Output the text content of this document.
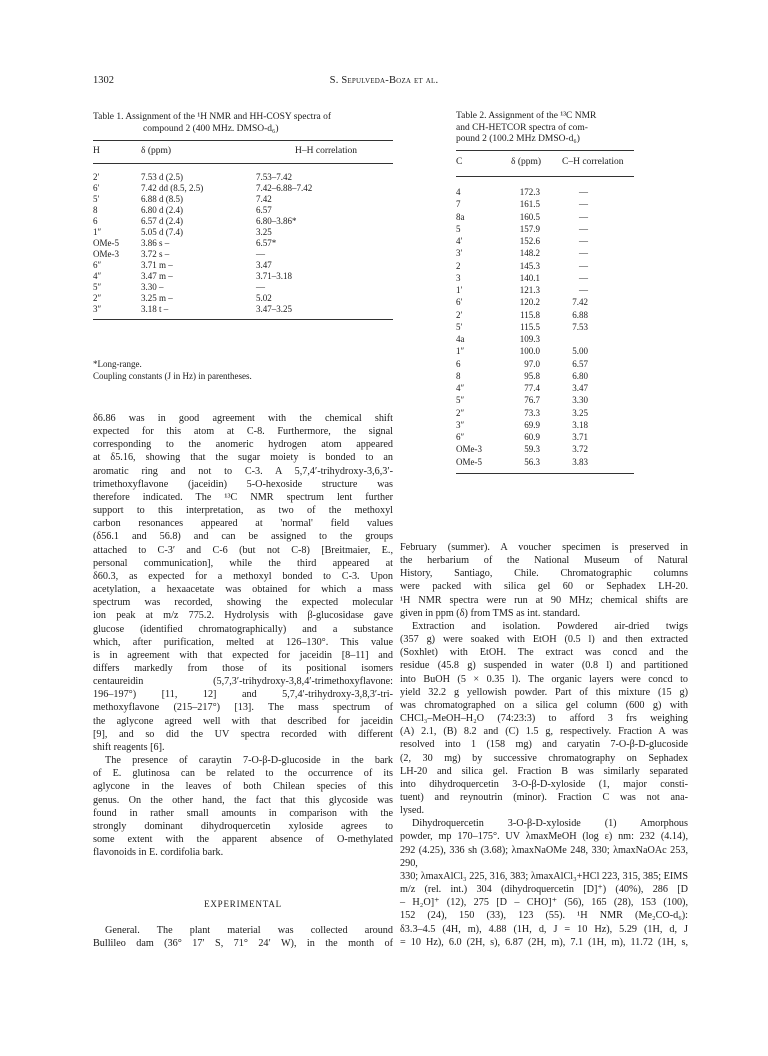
1302	S. Sepulveda-Boza et al.
Table 1. Assignment of the ¹H NMR and HH-COSY spectra of
compound 2 (400 MHz. DMSO-d₆)
H	δ (ppm)	H–H correlation
2′	7.53 d (2.5)	7.53–7.42
6′	7.42 dd (8.5, 2.5)	7.42–6.88–7.42
5′	6.88 d (8.5)	7.42
8	6.80 d (2.4)	6.57
6	6.57 d (2.4)	6.80–3.86*
1″	5.05 d (7.4)	3.25
OMe-5	3.86 s –	6.57*
OMe-3	3.72 s –	—
6″	3.71 m –	3.47
4″	3.47 m –	3.71–3.18
5″	3.30 –	—
2″	3.25 m –	5.02
3″	3.18 t –	3.47–3.25
*Long-range.
Coupling constants (J in Hz) in parentheses.
Table 2. Assignment of the ¹³C NMR
and CH-HETCOR spectra of com-
pound 2 (100.2 MHz DMSO-d₆)
C	δ (ppm) C–H correlation
4	172.3	—
7	161.5	—
8a	160.5	—
5	157.9	—
4′	152.6	—
3′	148.2	—
2	145.3	—
3	140.1	—
1′	121.3	—
6′	120.2	7.42
2′	115.8	6.88
5′	115.5	7.53
4a	109.3
1″	100.0	5.00
6	97.0	6.57
8	95.8	6.80
4″	77.4	3.47
5″	76.7	3.30
2″	73.3	3.25
3″	69.9	3.18
6″	60.9	3.71
OMe-3	59.3	3.72
OMe-5	56.3	3.83
δ6.86 was in good agreement with the chemical shift
expected for this atom at C-8. Furthermore, the signal
corresponding to the anomeric hydrogen atom appeared
at δ5.16, showing that the sugar moiety is bonded to an
aromatic ring and not to C-3. A 5,7,4′-trihydroxy-3,6,3′-
trimethoxyflavone (jaceidin) 5-O-hexoside structure was
therefore indicated. The ¹³C NMR spectrum lent further
support to this interpretation, as two of the methoxyl
carbon resonances appeared at 'normal' field values
(δ56.1 and 56.8) and can be assigned to the groups
attached to C-3′ and C-6 (but not C-8) [Breitmaier, E.,
personal communication], while the third appeared at
δ60.3, as expected for a methoxyl bonded to C-3. Upon
acetylation, a hexaacetate was obtained for which a mass
spectrum was recorded, showing the expected molecular
ion peak at m/z 775.2. Hydrolysis with β-glucosidase gave
glucose (identified chromatographically) and a substance
which, after purification, melted at 126–130°. This value
is in agreement with that expected for jaceidin [8–11] and
differs markedly from those of its positional isomers
centaureidin (5,7,3′-trihydroxy-3,8,4′-trimethoxyflavone:
196–197°) [11, 12] and 5,7,4′-trihydroxy-3,8,3′-tri-
methoxyflavone (215–217°) [13]. The mass spectrum of
the aglycone agreed well with that described for jaceidin
[9], and so did the UV spectra recorded with different
shift reagents [6].
The presence of caraytin 7-O-β-D-glucoside in the bark
of E. glutinosa can be related to the occurrence of its
aglycone in the leaves of both Chilean species of this
genus. On the other hand, the fact that this glycoside was
found in rather small amounts in comparison with the
strongly dominant dihydroquercetin xyloside agrees to
some extent with the apparent absence of O-methylated
flavonoids in E. cordifolia bark.
EXPERIMENTAL
General. The plant material was collected around
Bullileo dam (36° 17′ S, 71° 24′ W), in the month of
February (summer). A voucher specimen is preserved in
the herbarium of the National Museum of Natural
History, Santiago, Chile. Chromatographic columns
were packed with silica gel 60 or Sephadex LH-20.
¹H NMR spectra were run at 90 MHz; chemical shifts are
given in ppm (δ) from TMS as int. standard.
Extraction and isolation. Powdered air-dried twigs
(357 g) were soaked with EtOH (0.5 l) and then extracted
(Soxhlet) with EtOH. The extract was concd and the
residue (45.8 g) suspended in water (0.8 l) and partitioned
into BuOH (5 × 0.35 l). The organic layers were concd to
yield 32.2 g yellowish powder. Part of this mixture (15 g)
was chromatographed on a silica gel column (600 g) with
CHCl₃–MeOH–H₂O (74:23:3) to afford 3 frs weighing
(A) 2.1, (B) 8.2 and (C) 1.5 g, respectively. Fraction A was
resolved into 1 (158 mg) and caryatin 7-O-β-D-glucoside
(2, 30 mg) by successive chromatography on Sephadex
LH-20 and silica gel. Fraction B was similarly separated
into dihydroquercetin 3-O-β-D-xyloside (1, major consti-
tuent) and reynoutrin (minor). Fraction C was not ana-
lysed.
Dihydroquercetin 3-O-β-D-xyloside (1) Amorphous
powder, mp 170–175°. UV λmaxMeOH (log ε) nm: 232 (4.14),
292 (4.25), 336 sh (3.68); λmaxNaOMe 248, 330; λmaxNaOAc 253, 290,
330; λmaxAlCl₃ 225, 316, 383; λmaxAlCl₃+HCl 223, 315, 385; EIMS
m/z (rel. int.) 304 (dihydroquercetin [D]⁺) (40%), 286 [D
– H₂O]⁺ (12), 275 [D – CHO]⁺ (56), 165 (28), 153 (100),
152 (24), 150 (33), 123 (55). ¹H NMR (Me₂CO-d₆):
δ3.3–4.5 (4H, m), 4.88 (1H, d, J = 10 Hz), 5.29 (1H, d, J
= 10 Hz), 6.0 (2H, s), 6.87 (2H, m), 7.1 (1H, m), 11.72 (1H, s,
